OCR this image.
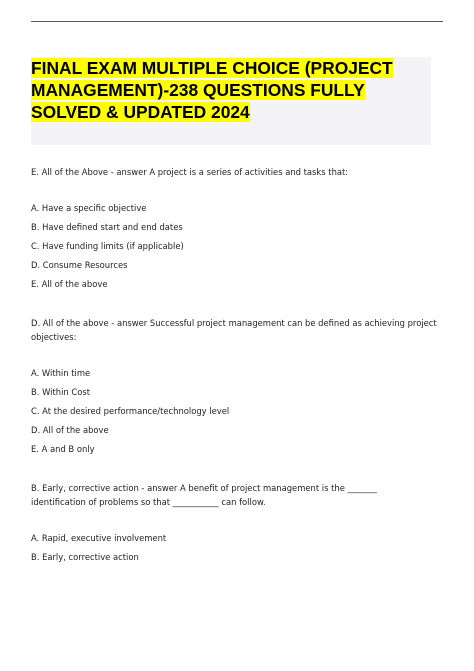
FINAL EXAM MULTIPLE CHOICE (PROJECT MANAGEMENT)-238 QUESTIONS FULLY SOLVED & UPDATED 2024
E. All of the Above - answer A project is a series of activities and tasks that:
A. Have a specific objective
B. Have defined start and end dates
C. Have funding limits (if applicable)
D. Consume Resources
E. All of the above
D. All of the above - answer Successful project management can be defined as achieving project
objectives:
A. Within time
B. Within Cost
C. At the desired performance/technology level
D. All of the above
E. A and B only
B. Early, corrective action - answer A benefit of project management is the _______
identification of problems so that ___________ can follow.
A. Rapid, executive involvement
B. Early, corrective action
